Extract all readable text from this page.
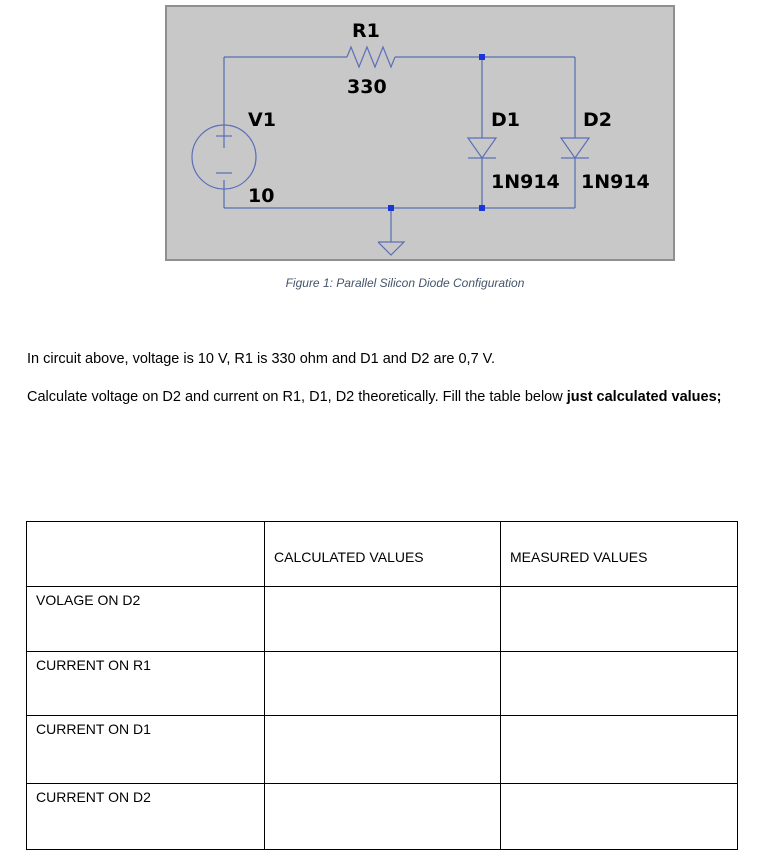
R1
330
V1
10
D1	D2
1N914 1N914
Figure 1: Parallel Silicon Diode Configuration
In circuit above, voltage is 10 V, R1 is 330 ohm and D1 and D2 are 0,7 V.
Calculate voltage on D2 and current on R1, D1, D2 theoretically. Fill the table below just calculated values;
	CALCULATED VALUES	MEASURED VALUES
VOLAGE ON D2		
CURRENT ON R1		
CURRENT ON D1		
CURRENT ON D2		
